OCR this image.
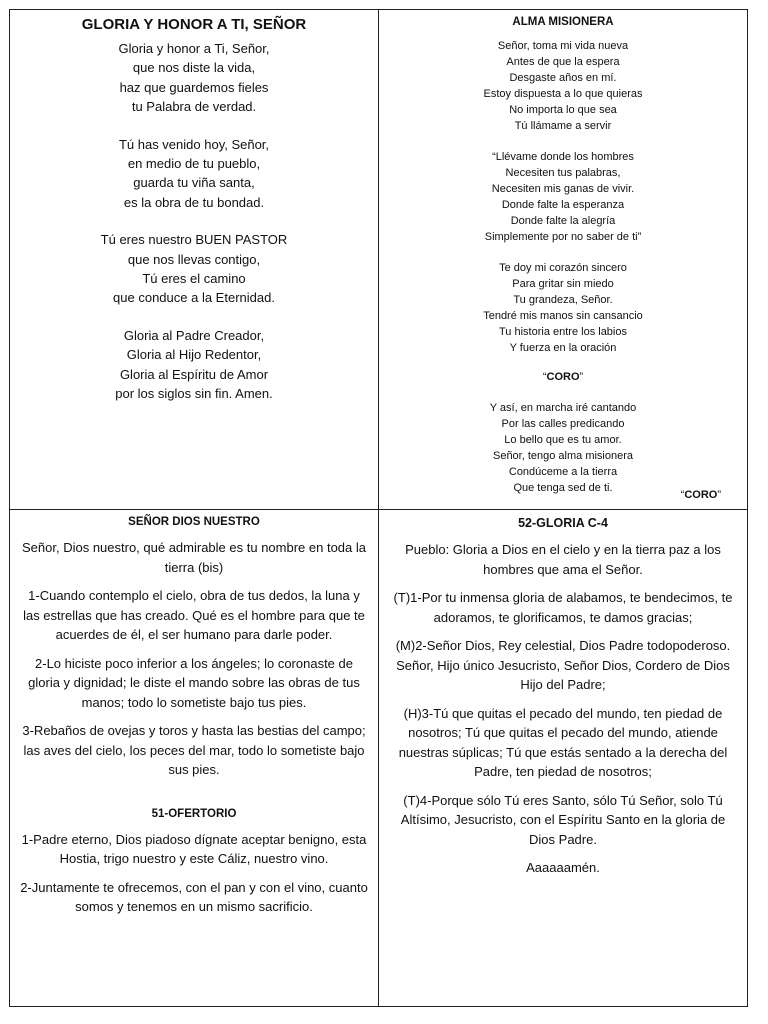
GLORIA Y HONOR A TI, SEÑOR
Gloria y honor a Ti, Señor,
que nos diste la vida,
haz que guardemos fieles
tu Palabra de verdad.
Tú has venido hoy, Señor,
en medio de tu pueblo,
guarda tu viña santa,
es la obra de tu bondad.
Tú eres nuestro BUEN PASTOR
que nos llevas contigo,
Tú eres el camino
que conduce a la Eternidad.
Gloria al Padre Creador,
Gloria al Hijo Redentor,
Gloria al Espíritu de Amor
por los siglos sin fin. Amen.
ALMA MISIONERA
Señor, toma mi vida nueva
Antes de que la espera
Desgaste años en mí.
Estoy dispuesta a lo que quieras
No importa lo que sea
Tú llámame a servir
“Llévame donde los hombres
Necesiten tus palabras,
Necesiten mis ganas de vivir.
Donde falte la esperanza
Donde falte la alegría
Simplemente por no saber de ti”
Te doy mi corazón sincero
Para gritar sin miedo
Tu grandeza, Señor.
Tendré mis manos sin cansancio
Tu historia entre los labios
Y fuerza en la oración
“CORO”
Y así, en marcha iré cantando
Por las calles predicando
Lo bello que es tu amor.
Señor, tengo alma misionera
Condúceme a la tierra
Que tenga sed de ti.
“CORO”
SEÑOR DIOS NUESTRO

Señor, Dios nuestro, qué admirable es tu nombre en toda la tierra (bis)

1-Cuando contemplo el cielo, obra de tus dedos, la luna y las estrellas que has creado. Qué es el hombre para que te acuerdes de él, el ser humano para darle poder.

2-Lo hiciste poco inferior a los ángeles; lo coronaste de gloria y dignidad; le diste el mando sobre las obras de tus manos; todo lo sometiste bajo tus pies.

3-Rebaños de ovejas y toros y hasta las bestias del campo; las aves del cielo, los peces del mar, todo lo sometiste bajo sus pies.

51-OFERTORIO

1-Padre eterno, Dios piadoso dígnate aceptar benigno, esta Hostia, trigo nuestro y este Cáliz, nuestro vino.

2-Juntamente te ofrecemos, con el pan y con el vino, cuanto somos y tenemos en un mismo sacrificio.

52-GLORIA C-4

Pueblo: Gloria a Dios en el cielo y en la tierra paz a los hombres que ama el Señor.

(T)1-Por tu inmensa gloria de alabamos, te bendecimos, te adoramos, te glorificamos, te damos gracias;

(M)2-Señor Dios, Rey celestial, Dios Padre todopoderoso. Señor, Hijo único Jesucristo, Señor Dios, Cordero de Dios Hijo del Padre;

(H)3-Tú que quitas el pecado del mundo, ten piedad de nosotros; Tú que quitas el pecado del mundo, atiende nuestras súplicas; Tú que estás sentado a la derecha del Padre, ten piedad de nosotros;

(T)4-Porque sólo Tú eres Santo, sólo Tú Señor, solo Tú Altísimo, Jesucristo, con el Espíritu Santo en la gloria de Dios Padre.

Aaaaaamén.
